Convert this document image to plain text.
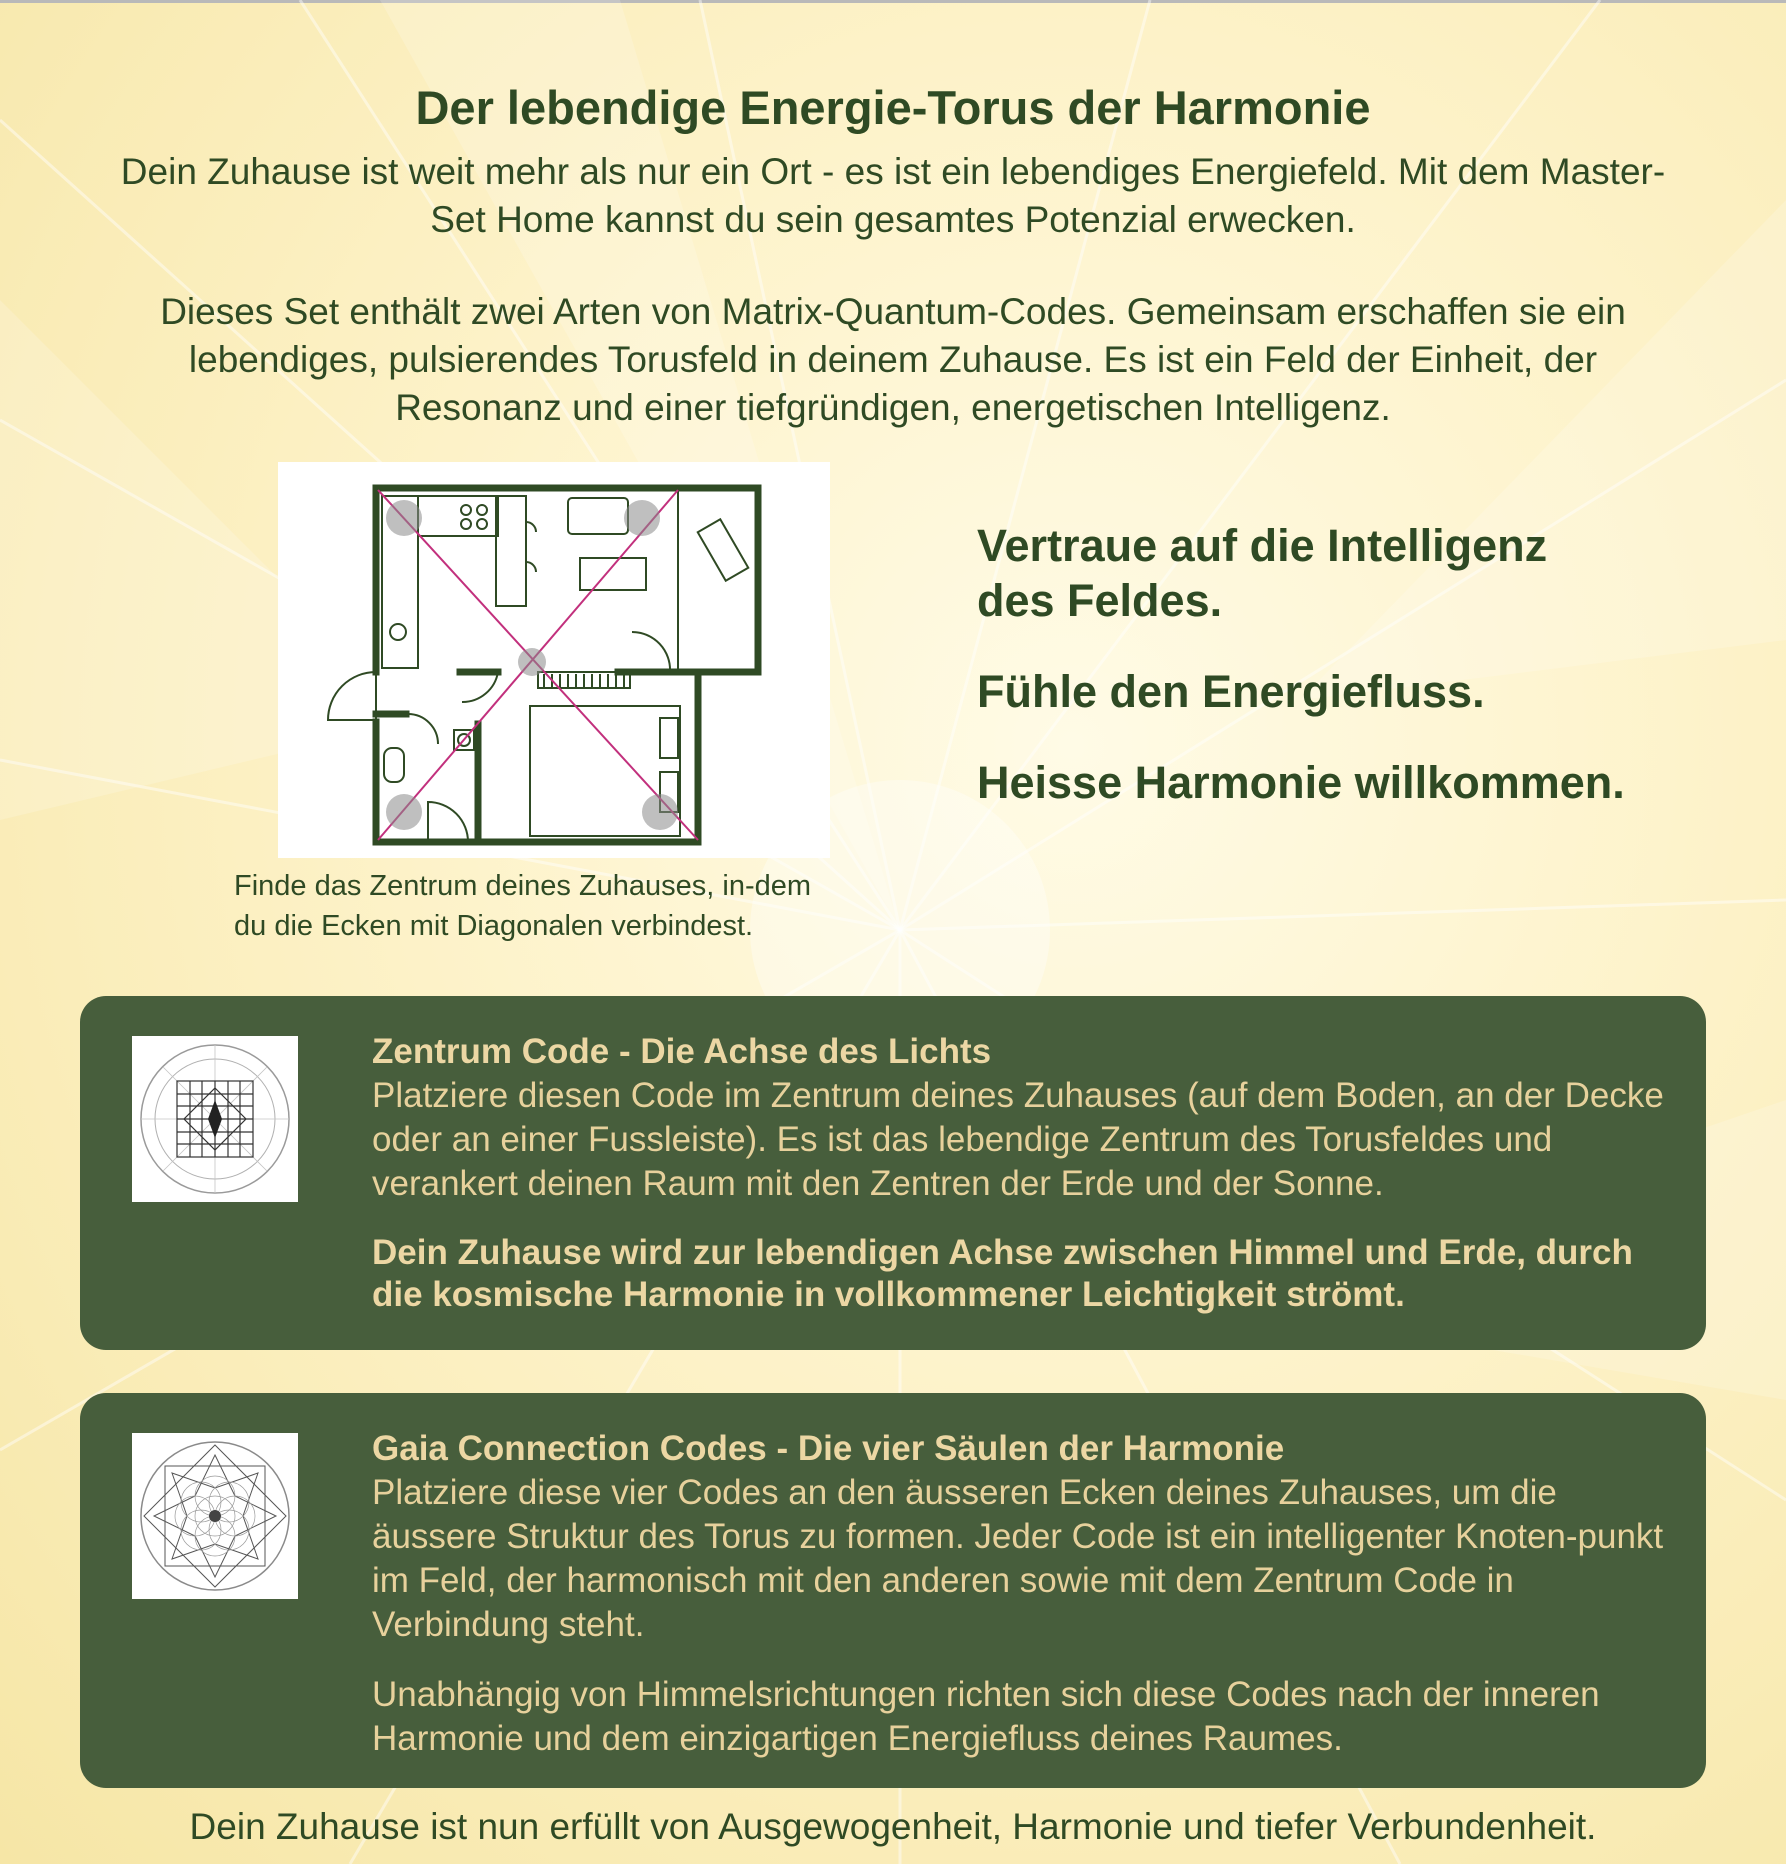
Der lebendige Energie-Torus der Harmonie

Dein Zuhause ist weit mehr als nur ein Ort - es ist ein lebendiges Energiefeld. Mit dem Master-Set Home kannst du sein gesamtes Potenzial erwecken.

Dieses Set enthält zwei Arten von Matrix-Quantum-Codes. Gemeinsam erschaffen sie ein lebendiges, pulsierendes Torusfeld in deinem Zuhause. Es ist ein Feld der Einheit, der Resonanz und einer tiefgründigen, energetischen Intelligenz.

Finde das Zentrum deines Zuhauses, in-dem du die Ecken mit Diagonalen verbindest.

Vertraue auf die Intelligenz des Feldes.

Fühle den Energiefluss.

Heisse Harmonie willkommen.

Zentrum Code - Die Achse des Lichts

Platziere diesen Code im Zentrum deines Zuhauses (auf dem Boden, an der Decke oder an einer Fussleiste). Es ist das lebendige Zentrum des Torusfeldes und verankert deinen Raum mit den Zentren der Erde und der Sonne.

Dein Zuhause wird zur lebendigen Achse zwischen Himmel und Erde, durch die kosmische Harmonie in vollkommener Leichtigkeit strömt.

Gaia Connection Codes - Die vier Säulen der Harmonie

Platziere diese vier Codes an den äusseren Ecken deines Zuhauses, um die äussere Struktur des Torus zu formen. Jeder Code ist ein intelligenter Knoten-punkt im Feld, der harmonisch mit den anderen sowie mit dem Zentrum Code in Verbindung steht.

Unabhängig von Himmelsrichtungen richten sich diese Codes nach der inneren Harmonie und dem einzigartigen Energiefluss deines Raumes.

Dein Zuhause ist nun erfüllt von Ausgewogenheit, Harmonie und tiefer Verbundenheit.
